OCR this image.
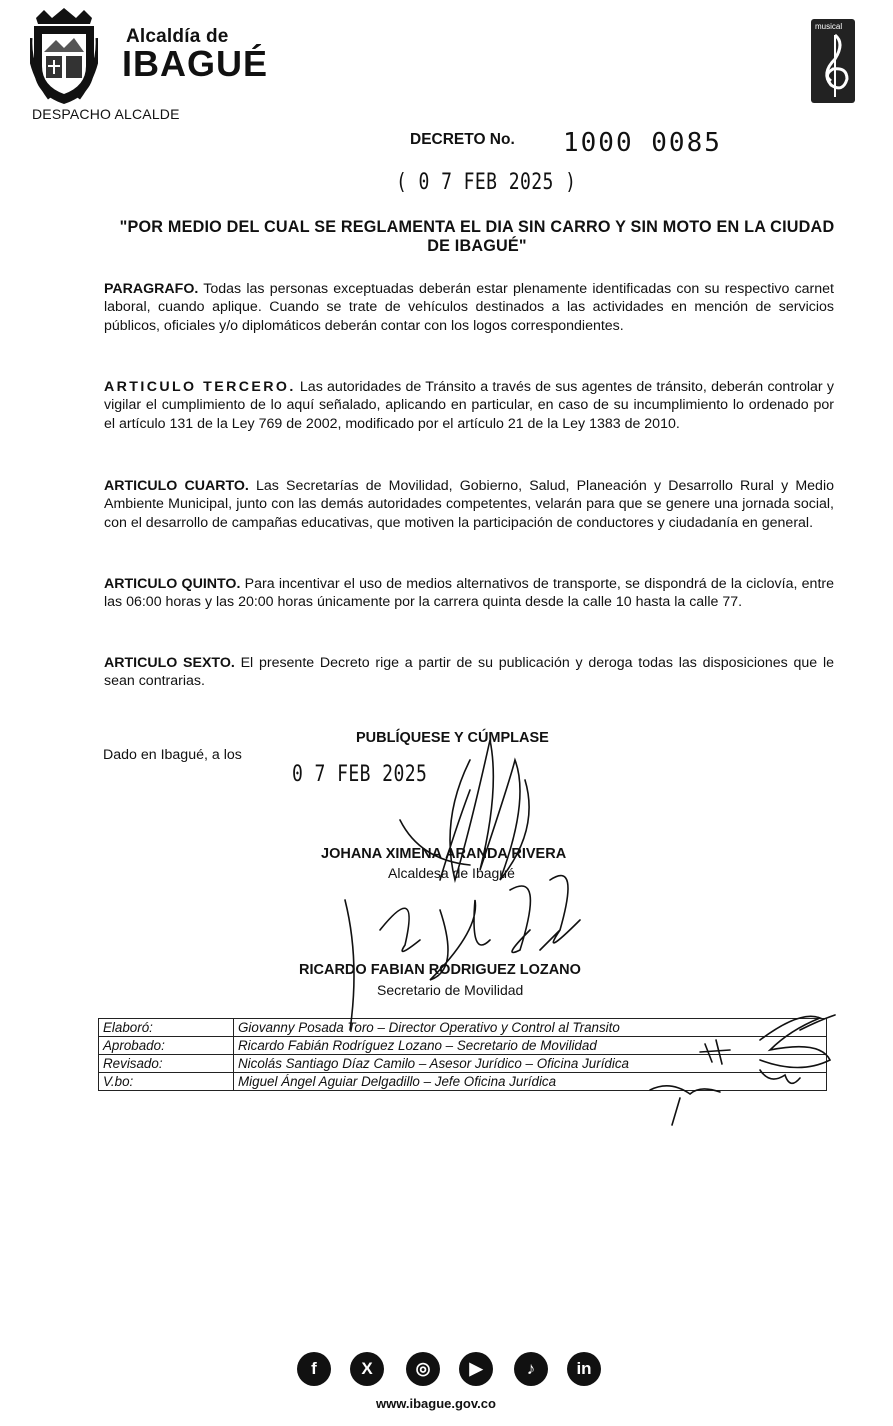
Alcaldía de
IBAGUÉ
DESPACHO ALCALDE
musical
DECRETO No. 1000 0085
( 0 7 FEB 2025 )
"POR MEDIO DEL CUAL SE REGLAMENTA EL DIA SIN CARRO Y SIN MOTO EN LA CIUDAD DE IBAGUÉ"
PARAGRAFO. Todas las personas exceptuadas deberán estar plenamente identificadas con su respectivo carnet laboral, cuando aplique. Cuando se trate de vehículos destinados a las actividades en mención de servicios públicos, oficiales y/o diplomáticos deberán contar con los logos correspondientes.
ARTICULO TERCERO. Las autoridades de Tránsito a través de sus agentes de tránsito, deberán controlar y vigilar el cumplimiento de lo aquí señalado, aplicando en particular, en caso de su incumplimiento lo ordenado por el artículo 131 de la Ley 769 de 2002, modificado por el artículo 21 de la Ley 1383 de 2010.
ARTICULO CUARTO. Las Secretarías de Movilidad, Gobierno, Salud, Planeación y Desarrollo Rural y Medio Ambiente Municipal, junto con las demás autoridades competentes, velarán para que se genere una jornada social, con el desarrollo de campañas educativas, que motiven la participación de conductores y ciudadanía en general.
ARTICULO QUINTO. Para incentivar el uso de medios alternativos de transporte, se dispondrá de la ciclovía, entre las 06:00 horas y las 20:00 horas únicamente por la carrera quinta desde la calle 10 hasta la calle 77.
ARTICULO SEXTO. El presente Decreto rige a partir de su publicación y deroga todas las disposiciones que le sean contrarias.
PUBLÍQUESE Y CÚMPLASE
Dado en Ibagué, a los
0 7 FEB 2025
JOHANA XIMENA ARANDA RIVERA
Alcaldesa de Ibagué
RICARDO FABIAN RODRIGUEZ LOZANO
Secretario de Movilidad
Elaboró:	Giovanny Posada Toro – Director Operativo y Control al Transito
Aprobado:	Ricardo Fabián Rodríguez Lozano – Secretario de Movilidad
Revisado:	Nicolás Santiago Díaz Camilo – Asesor Jurídico – Oficina Jurídica
V.bo:	Miguel Ángel Aguiar Delgadillo – Jefe Oficina Jurídica
f	X	◎	▶	♪	in
www.ibague.gov.co
